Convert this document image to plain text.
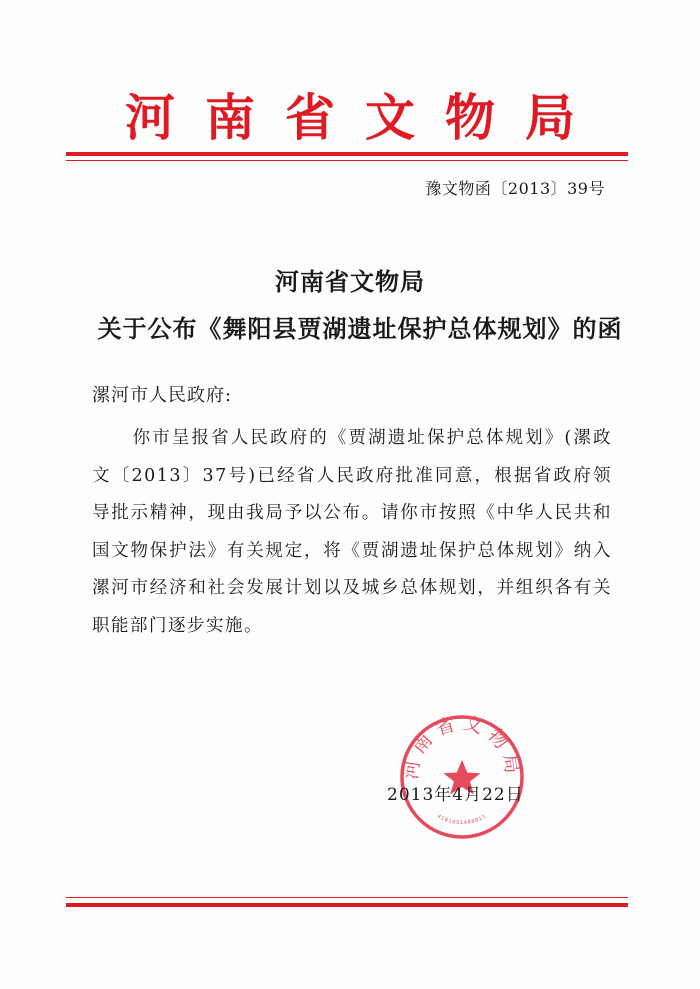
河南省文物局
豫文物函〔2013〕39号
河南省文物局
关于公布《舞阳县贾湖遗址保护总体规划》的函
漯河市人民政府:
你市呈报省人民政府的《贾湖遗址保护总体规划》(漯政文〔2013〕37号)已经省人民政府批准同意，根据省政府领导批示精神，现由我局予以公布。请你市按照《中华人民共和国文物保护法》有关规定，将《贾湖遗址保护总体规划》纳入漯河市经济和社会发展计划以及城乡总体规划，并组织各有关职能部门逐步实施。
河南省文物局
4101051480011
2013年4月22日
